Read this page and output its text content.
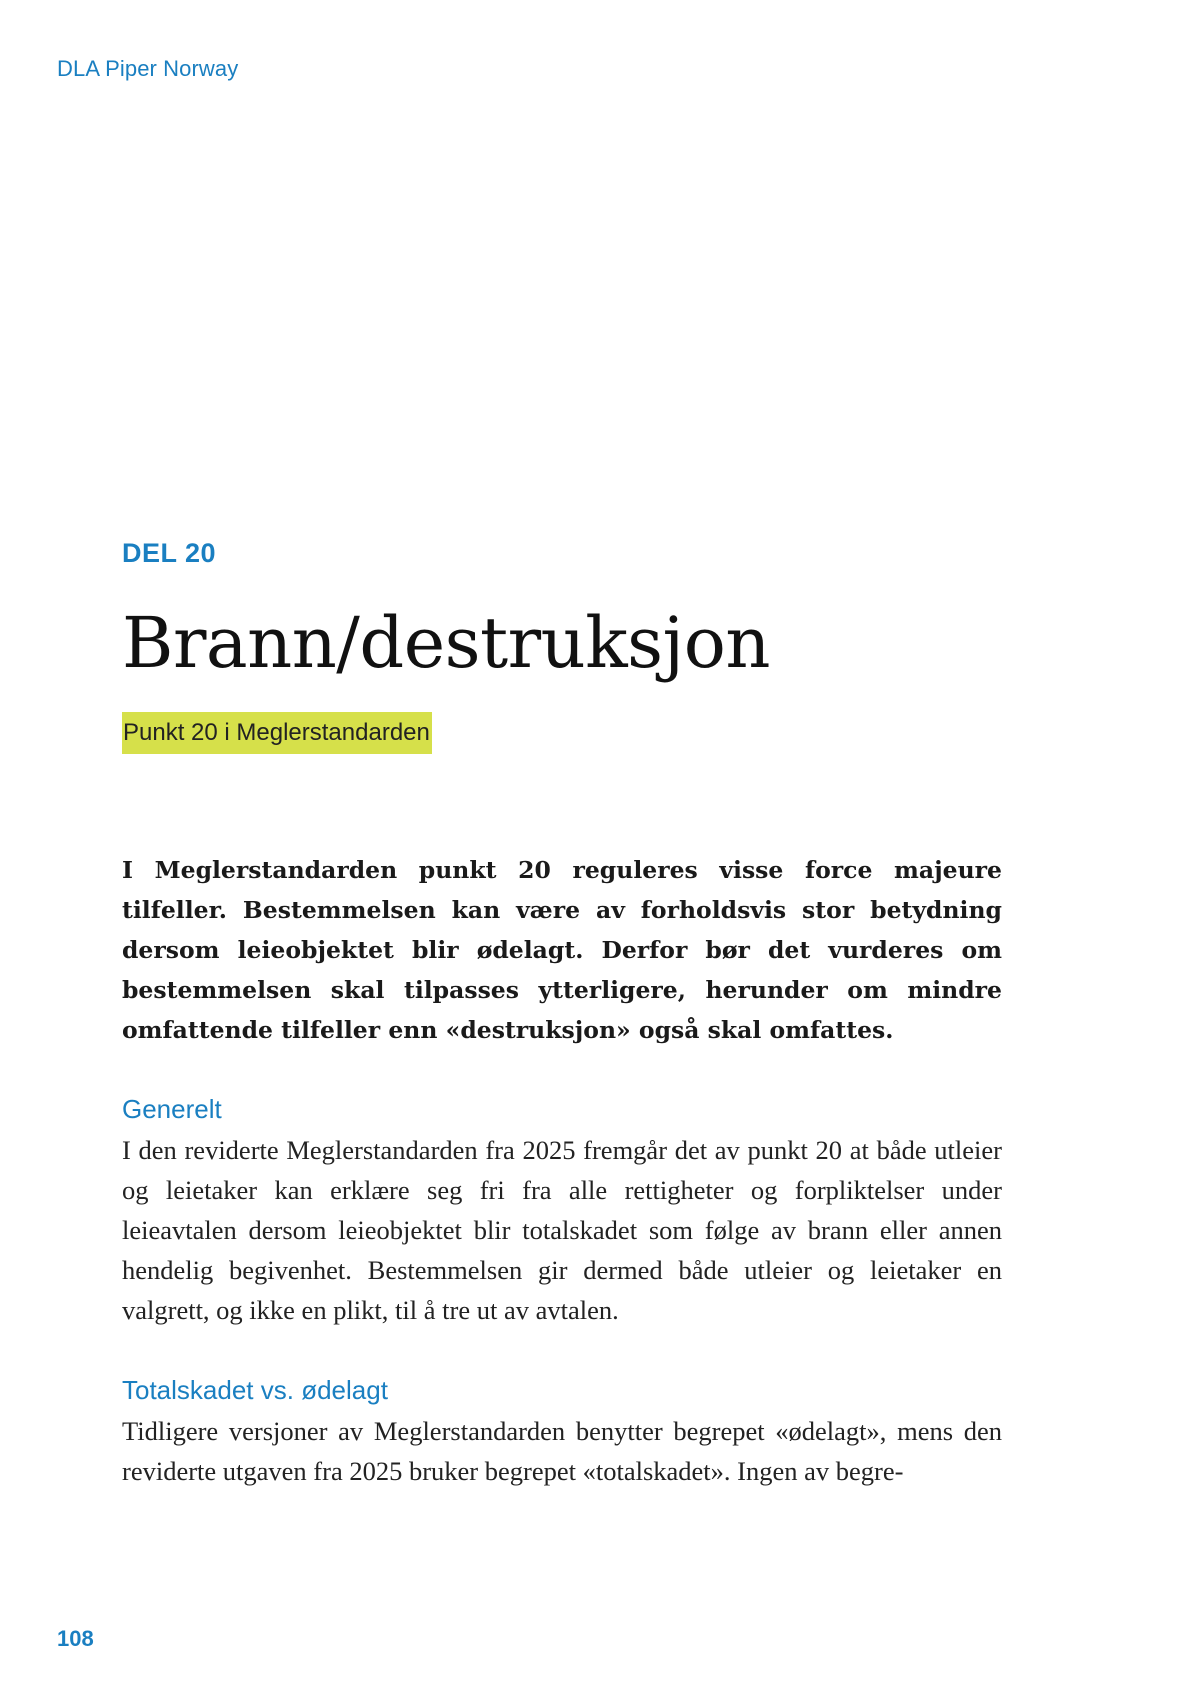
DLA Piper Norway
DEL 20
Brann/destruksjon
Punkt 20 i Meglerstandarden

I Meglerstandarden punkt 20 reguleres visse force majeure tilfeller. Bestemmelsen kan være av forholdsvis stor betydning dersom leieobjektet blir ødelagt. Derfor bør det vurderes om bestemmelsen skal tilpasses ytterligere, herunder om mindre omfattende tilfeller enn «destruksjon» også skal omfattes.

Generelt

I den reviderte Meglerstandarden fra 2025 fremgår det av punkt 20 at både utleier og leietaker kan erklære seg fri fra alle rettigheter og forpliktelser under leieavtalen dersom leieobjektet blir totalskadet som følge av brann eller annen hendelig begivenhet. Bestemmelsen gir dermed både utleier og leietaker en valgrett, og ikke en plikt, til å tre ut av avtalen.

Totalskadet vs. ødelagt

Tidligere versjoner av Meglerstandarden benytter begrepet «ødelagt», mens den reviderte utgaven fra 2025 bruker begrepet «totalskadet». Ingen av begre-

108
